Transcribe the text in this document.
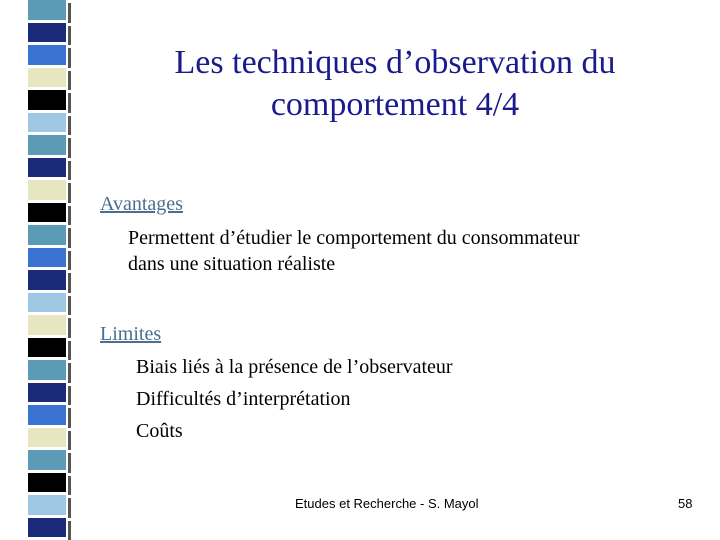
Les techniques d’observation du
comportement 4/4
Avantages
Permettent d’étudier le comportement du consommateur
dans une situation réaliste
Limites
Biais liés à la présence de l’observateur
Difficultés d’interprétation
Coûts
Etudes et Recherche - S. Mayol	58
